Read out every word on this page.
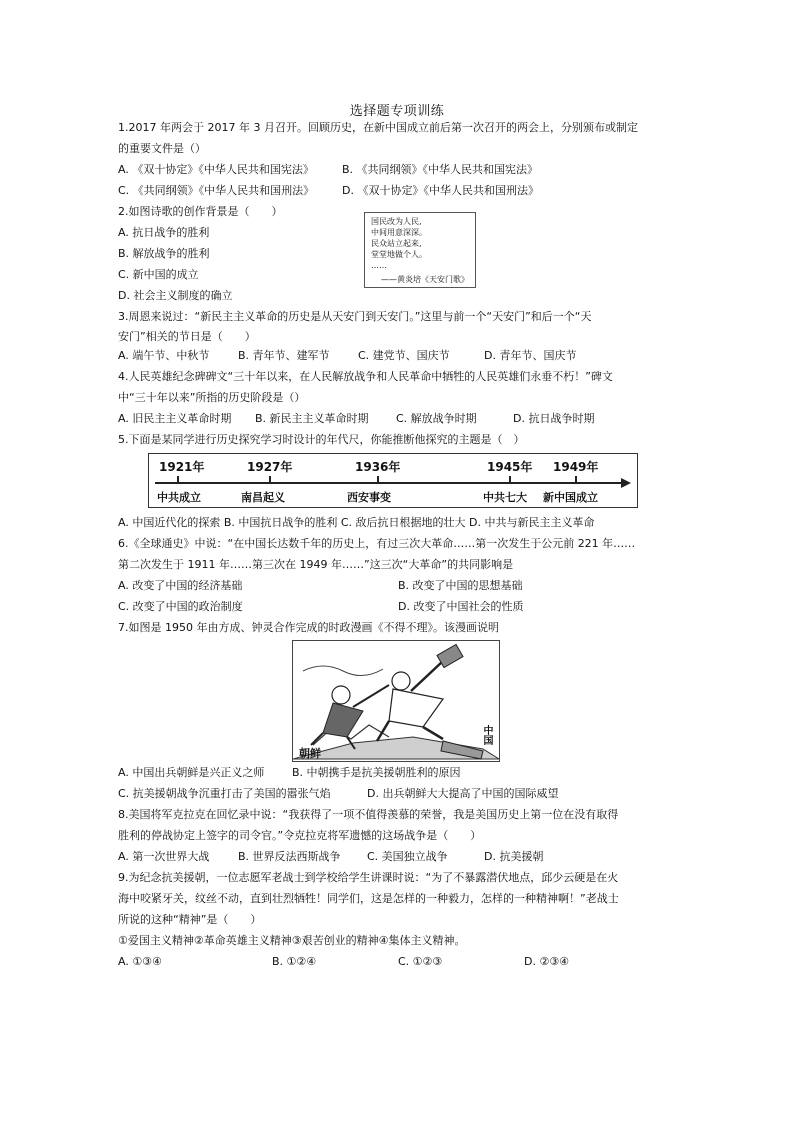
选择题专项训练
1.2017 年两会于 2017 年 3 月召开。回顾历史，在新中国成立前后第一次召开的两会上，分别颁布或制定
的重要文件是（）
A. 《双十协定》《中华人民共和国宪法》	B. 《共同纲领》《中华人民共和国宪法》
C. 《共同纲领》《中华人民共和国刑法》	D. 《双十协定》《中华人民共和国刑法》
2.如图诗歌的创作背景是（　　）
A. 抗日战争的胜利
B. 解放战争的胜利
C. 新中国的成立
D. 社会主义制度的确立
国民改为人民,
中间用意深深。
民众站立起来,
堂堂地做个人。
……
——黄炎培《天安门歌》
3.周恩来说过：“新民主主义革命的历史是从天安门到天安门。”这里与前一个“天安门”和后一个“天
安门”相关的节日是（　　）
A. 端午节、中秋节	B. 青年节、建军节	C. 建党节、国庆节	D. 青年节、国庆节
4.人民英雄纪念碑碑文“三十年以来，在人民解放战争和人民革命中牺牲的人民英雄们永垂不朽！”碑文
中“三十年以来”所指的历史阶段是（）
A. 旧民主主义革命时期 B. 新民主主义革命时期 C. 解放战争时期	D. 抗日战争时期
5.下面是某同学进行历史探究学习时设计的年代尺，你能推断他探究的主题是（　）
1921年	1927年	1936年	1945年 1949年
中共成立	南昌起义	西安事变	中共七大 新中国成立
A. 中国近代化的探索 B. 中国抗日战争的胜利 C. 敌后抗日根据地的壮大 D. 中共与新民主主义革命
6.《全球通史》中说：“在中国长达数千年的历史上，有过三次大革命……第一次发生于公元前 221 年……
第二次发生于 1911 年……第三次在 1949 年……”这三次“大革命”的共同影响是
A. 改变了中国的经济基础	B. 改变了中国的思想基础
C. 改变了中国的政治制度	D. 改变了中国社会的性质
7.如图是 1950 年由方成、钟灵合作完成的时政漫画《不得不理》。该漫画说明
朝鲜
中国
A. 中国出兵朝鲜是兴正义之师	B. 中朝携手是抗美援朝胜利的原因
C. 抗美援朝战争沉重打击了美国的嚣张气焰	D. 出兵朝鲜大大提高了中国的国际威望
8.美国将军克拉克在回忆录中说：“我获得了一项不值得羡慕的荣誉，我是美国历史上第一位在没有取得
胜利的停战协定上签字的司令官。”令克拉克将军遗憾的这场战争是（　　）
A. 第一次世界大战	B. 世界反法西斯战争 C. 美国独立战争	D. 抗美援朝
9.为纪念抗美援朝，一位志愿军老战士到学校给学生讲课时说：“为了不暴露潜伏地点，邱少云硬是在火
海中咬紧牙关，纹丝不动，直到壮烈牺牲！同学们，这是怎样的一种毅力，怎样的一种精神啊！”老战士
所说的这种“精神”是（　　）
①爱国主义精神②革命英雄主义精神③艰苦创业的精神④集体主义精神。
A. ①③④	B. ①②④	C. ①②③	D. ②③④
